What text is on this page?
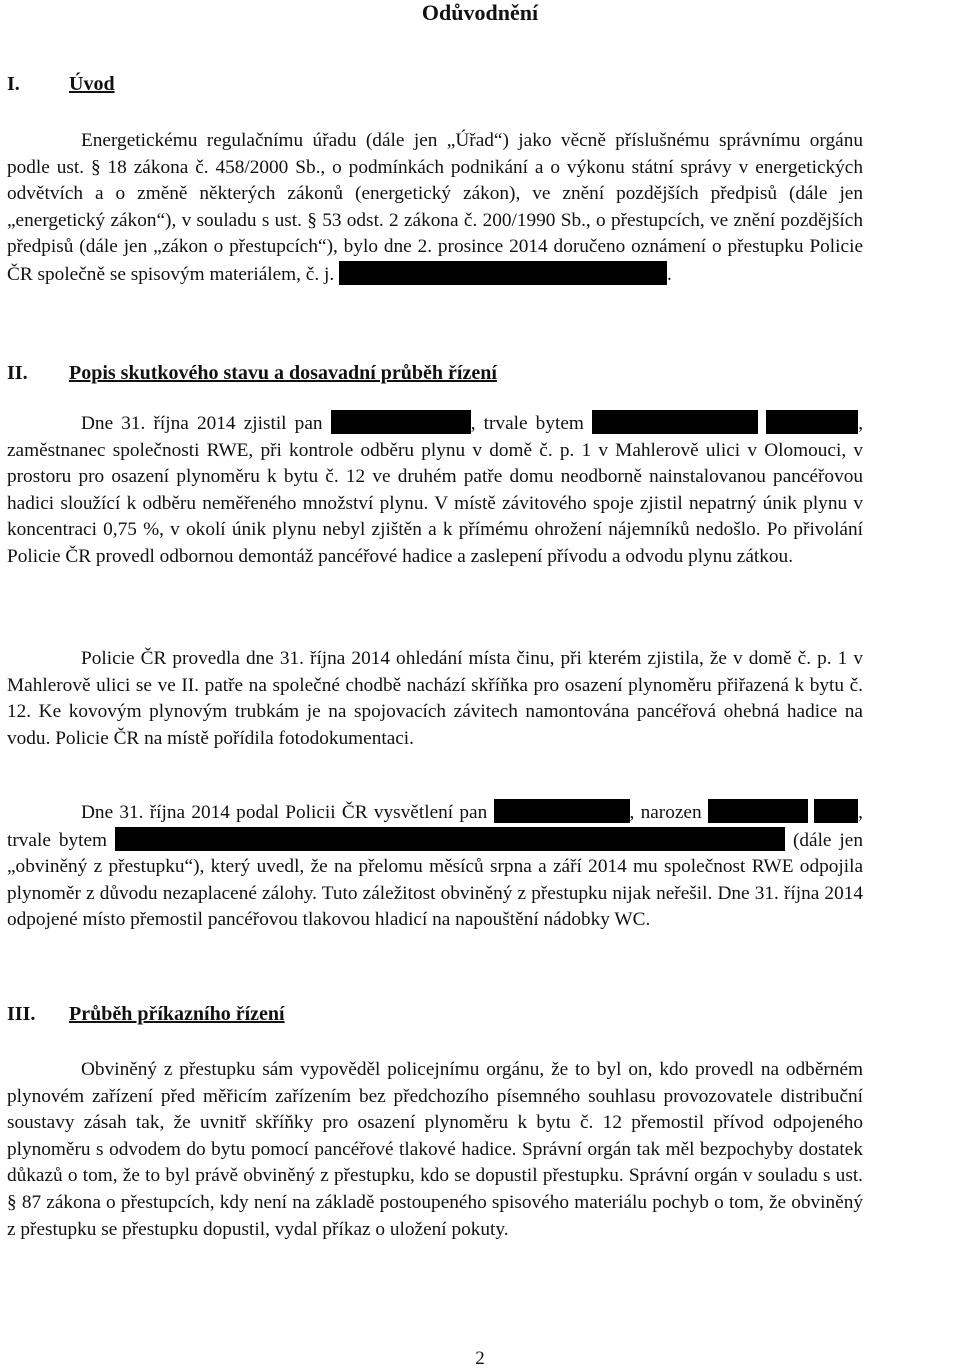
Odůvodnění
I. Úvod

Energetickému regulačnímu úřadu (dále jen „Úřad“) jako věcně příslušnému správnímu orgánu podle ust. § 18 zákona č. 458/2000 Sb., o podmínkách podnikání a o výkonu státní správy v energetických odvětvích a o změně některých zákonů (energetický zákon), ve znění pozdějších předpisů (dále jen „energetický zákon“), v souladu s ust. § 53 odst. 2 zákona č. 200/1990 Sb., o přestupcích, ve znění pozdějších předpisů (dále jen „zákon o přestupcích“), bylo dne 2. prosince 2014 doručeno oznámení o přestupku Policie ČR společně se spisovým materiálem, č. j.	.

II. Popis skutkového stavu a dosavadní průběh řízení

Dne 31. října 2014 zjistil pan	, trvale bytem	, zaměstnanec společnosti RWE, při kontrole odběru plynu v domě č. p. 1 v Mahlerově ulici v Olomouci, v prostoru pro osazení plynoměru k bytu č. 12 ve druhém patře domu neodborně nainstalovanou pancéřovou hadici sloužící k odběru neměřeného množství plynu. V místě závitového spoje zjistil nepatrný únik plynu v koncentraci 0,75 %, v okolí únik plynu nebyl zjištěn a k přímému ohrožení nájemníků nedošlo. Po přivolání Policie ČR provedl odbornou demontáž pancéřové hadice a zaslepení přívodu a odvodu plynu zátkou.

Policie ČR provedla dne 31. října 2014 ohledání místa činu, při kterém zjistila, že v domě č. p. 1 v Mahlerově ulici se ve II. patře na společné chodbě nachází skříňka pro osazení plynoměru přiřazená k bytu č. 12. Ke kovovým plynovým trubkám je na spojovacích závitech namontována pancéřová ohebná hadice na vodu. Policie ČR na místě pořídila fotodokumentaci.

Dne 31. října 2014 podal Policii ČR vysvětlení pan	, narozen	, trvale bytem	(dále jen „obviněný z přestupku“), který uvedl, že na přelomu měsíců srpna a září 2014 mu společnost RWE odpojila plynoměr z důvodu nezaplacené zálohy. Tuto záležitost obviněný z přestupku nijak neřešil. Dne 31. října 2014 odpojené místo přemostil pancéřovou tlakovou hladicí na napouštění nádobky WC.

III. Průběh příkazního řízení

Obviněný z přestupku sám vypověděl policejnímu orgánu, že to byl on, kdo provedl na odběrném plynovém zařízení před měřicím zařízením bez předchozího písemného souhlasu provozovatele distribuční soustavy zásah tak, že uvnitř skříňky pro osazení plynoměru k bytu č. 12 přemostil přívod odpojeného plynoměru s odvodem do bytu pomocí pancéřové tlakové hadice. Správní orgán tak měl bezpochyby dostatek důkazů o tom, že to byl právě obviněný z přestupku, kdo se dopustil přestupku. Správní orgán v souladu s ust. § 87 zákona o přestupcích, kdy není na základě postoupeného spisového materiálu pochyb o tom, že obviněný z přestupku se přestupku dopustil, vydal příkaz o uložení pokuty.

2
